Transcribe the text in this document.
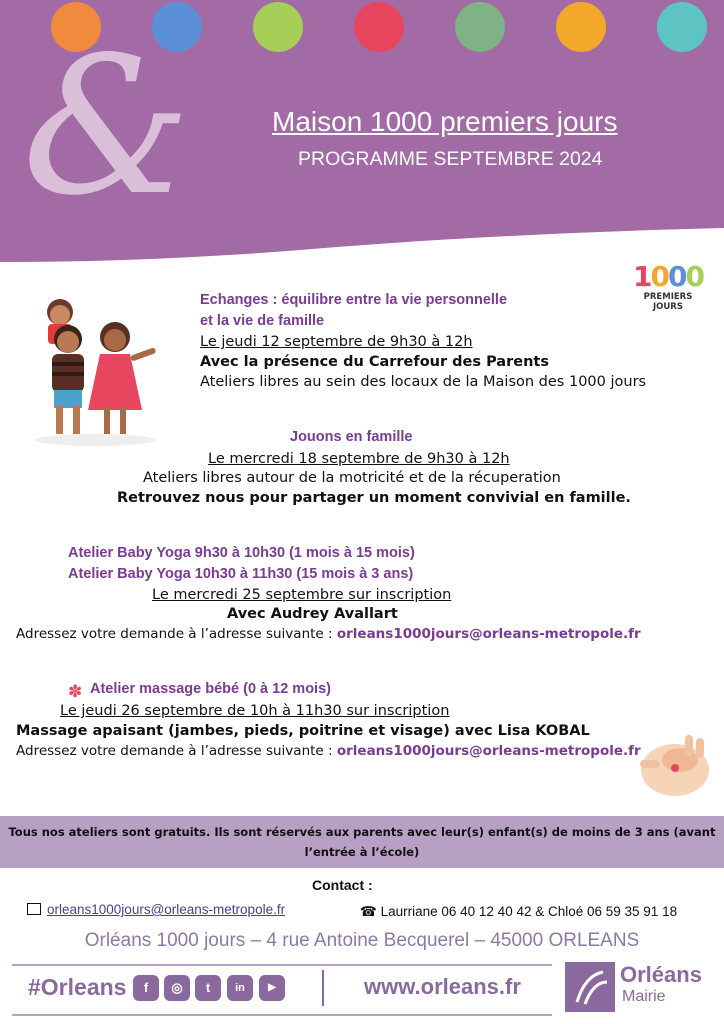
&	Maison 1000 premiers jours
PROGRAMME SEPTEMBRE 2024
1000
PREMIERS
JOURS
Echanges : équilibre entre la vie personnelle
et la vie de famille
Le jeudi 12 septembre de 9h30 à 12h
Avec la présence du Carrefour des Parents
Ateliers libres au sein des locaux de la Maison des 1000 jours
Jouons en famille
Le mercredi 18 septembre de 9h30 à 12h
Ateliers libres autour de la motricité et de la récuperation
Retrouvez nous pour partager un moment convivial en famille.
Atelier Baby Yoga 9h30 à 10h30 (1 mois à 15 mois)
Atelier Baby Yoga 10h30 à 11h30 (15 mois à 3 ans)
Le mercredi 25 septembre sur inscription
Avec Audrey Avallart
Adressez votre demande à l’adresse suivante : orleans1000jours@orleans-metropole.fr
✽ Atelier massage bébé (0 à 12 mois)
Le jeudi 26 septembre de 10h à 11h30 sur inscription
Massage apaisant (jambes, pieds, poitrine et visage) avec Lisa KOBAL
Adressez votre demande à l’adresse suivante : orleans1000jours@orleans-metropole.fr
Tous nos ateliers sont gratuits. Ils sont réservés aux parents avec leur(s) enfant(s) de moins de 3 ans (avant l’entrée à l’école)
Contact :
orleans1000jours@orleans-metropole.fr	☎ Laurriane 06 40 12 40 42 & Chloé 06 59 35 91 18
Orléans 1000 jours – 4 rue Antoine Becquerel – 45000 ORLEANS
#Orleans	f	◎	t	in	▶	www.orleans.fr	Orléans
Mairie
